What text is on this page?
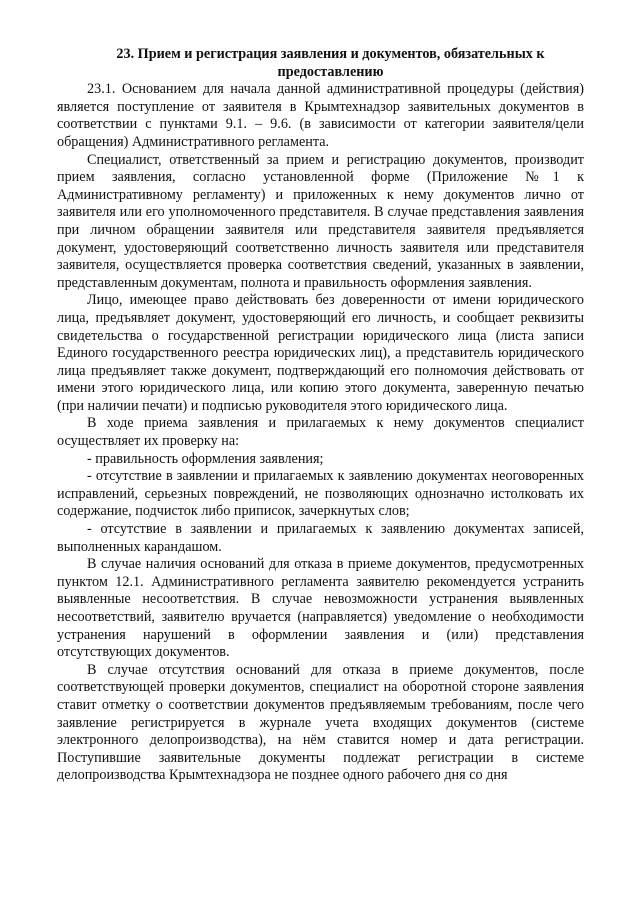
23. Прием и регистрация заявления и документов, обязательных к предоставлению

23.1. Основанием для начала данной административной процедуры (действия) является поступление от заявителя в Крымтехнадзор заявительных документов в соответствии с пунктами 9.1. – 9.6. (в зависимости от категории заявителя/цели обращения) Административного регламента.

Специалист, ответственный за прием и регистрацию документов, производит прием заявления, согласно установленной форме (Приложение №1 к Административному регламенту) и приложенных к нему документов лично от заявителя или его уполномоченного представителя. В случае представления заявления при личном обращении заявителя или представителя заявителя предъявляется документ, удостоверяющий соответственно личность заявителя или представителя заявителя, осуществляется проверка соответствия сведений, указанных в заявлении, представленным документам, полнота и правильность оформления заявления.

Лицо, имеющее право действовать без доверенности от имени юридического лица, предъявляет документ, удостоверяющий его личность, и сообщает реквизиты свидетельства о государственной регистрации юридического лица (листа записи Единого государственного реестра юридических лиц), а представитель юридического лица предъявляет также документ, подтверждающий его полномочия действовать от имени этого юридического лица, или копию этого документа, заверенную печатью (при наличии печати) и подписью руководителя этого юридического лица.

В ходе приема заявления и прилагаемых к нему документов специалист осуществляет их проверку на:

- правильность оформления заявления;

- отсутствие в заявлении и прилагаемых к заявлению документах неоговоренных исправлений, серьезных повреждений, не позволяющих однозначно истолковать их содержание, подчисток либо приписок, зачеркнутых слов;

- отсутствие в заявлении и прилагаемых к заявлению документах записей, выполненных карандашом.

В случае наличия оснований для отказа в приеме документов, предусмотренных пунктом 12.1. Административного регламента заявителю рекомендуется устранить выявленные несоответствия. В случае невозможности устранения выявленных несоответствий, заявителю вручается (направляется) уведомление о необходимости устранения нарушений в оформлении заявления и (или) представления отсутствующих документов.

В случае отсутствия оснований для отказа в приеме документов, после соответствующей проверки документов, специалист на оборотной стороне заявления ставит отметку о соответствии документов предъявляемым требованиям, после чего заявление регистрируется в журнале учета входящих документов (системе электронного делопроизводства), на нём ставится номер и дата регистрации. Поступившие заявительные документы подлежат регистрации в системе делопроизводства Крымтехнадзора не позднее одного рабочего дня со дня
